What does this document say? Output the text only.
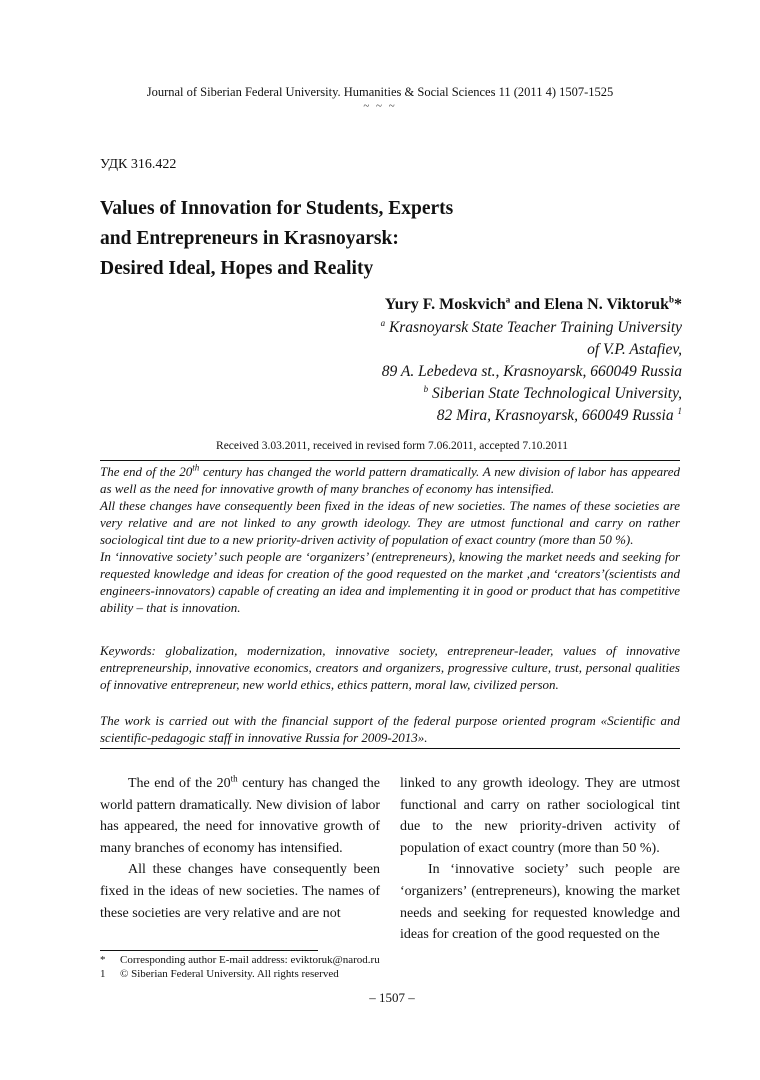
Journal of Siberian Federal University. Humanities & Social Sciences 11 (2011 4) 1507-1525
~ ~ ~
УДК 316.422
Values of Innovation for Students, Experts
and Entrepreneurs in Krasnoyarsk:
Desired Ideal, Hopes and Reality
Yury F. Moskvich$^a$ and Elena N. Viktoruk$^b$*
$^a$ Krasnoyarsk State Teacher Training University
of V.P. Astafiev,
89 A. Lebedeva st., Krasnoyarsk, 660049 Russia
$^b$ Siberian State Technological University,
82 Mira, Krasnoyarsk, 660049 Russia $^1$
Received 3.03.2011, received in revised form 7.06.2011, accepted 7.10.2011

The end of the 20th century has changed the world pattern dramatically. A new division of labor has appeared as well as the need for innovative growth of many branches of economy has intensified.

All these changes have consequently been fixed in the ideas of new societies. The names of these societies are very relative and are not linked to any growth ideology. They are utmost functional and carry on rather sociological tint due to a new priority-driven activity of population of exact country (more than 50 %).

In ‘innovative society’ such people are ‘organizers’ (entrepreneurs), knowing the market needs and seeking for requested knowledge and ideas for creation of the good requested on the market ,and ‘creators’(scientists and engineers-innovators) capable of creating an idea and implementing it in good or product that has competitive ability – that is innovation.

Keywords: globalization, modernization, innovative society, entrepreneur-leader, values of innovative entrepreneurship, innovative economics, creators and organizers, progressive culture, trust, personal qualities of innovative entrepreneur, new world ethics, ethics pattern, moral law, civilized person.
The work is carried out with the financial support of the federal purpose oriented program «Scientific and scientific-pedagogic staff in innovative Russia for 2009-2013».

The end of the 20th century has changed the world pattern dramatically. New division of labor has appeared, the need for innovative growth of many branches of economy has intensified.

All these changes have consequently been fixed in the ideas of new societies. The names of these societies are very relative and are not

linked to any growth ideology. They are utmost functional and carry on rather sociological tint due to the new priority-driven activity of population of exact country (more than 50 %).

In ‘innovative society’ such people are ‘organizers’ (entrepreneurs), knowing the market needs and seeking for requested knowledge and ideas for creation of the good requested on the

* Corresponding author E-mail address: eviktoruk@narod.ru
1 © Siberian Federal University. All rights reserved
– 1507 –
